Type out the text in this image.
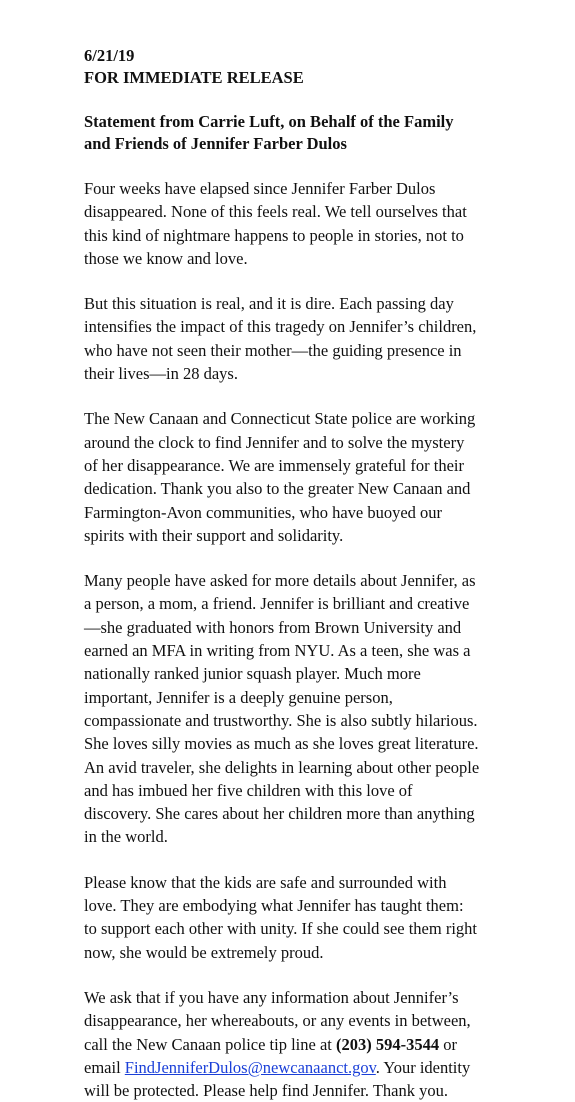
6/21/19

FOR IMMEDIATE RELEASE

Statement from Carrie Luft, on Behalf of the Family
and Friends of Jennifer Farber Dulos

Four weeks have elapsed since Jennifer Farber Dulos
disappeared. None of this feels real. We tell ourselves that
this kind of nightmare happens to people in stories, not to
those we know and love.

But this situation is real, and it is dire. Each passing day
intensifies the impact of this tragedy on Jennifer’s children,
who have not seen their mother—the guiding presence in
their lives—in 28 days.

The New Canaan and Connecticut State police are working
around the clock to find Jennifer and to solve the mystery
of her disappearance. We are immensely grateful for their
dedication. Thank you also to the greater New Canaan and
Farmington-Avon communities, who have buoyed our
spirits with their support and solidarity.

Many people have asked for more details about Jennifer, as
a person, a mom, a friend. Jennifer is brilliant and creative
—she graduated with honors from Brown University and
earned an MFA in writing from NYU. As a teen, she was a
nationally ranked junior squash player. Much more
important, Jennifer is a deeply genuine person,
compassionate and trustworthy. She is also subtly hilarious.
She loves silly movies as much as she loves great literature.
An avid traveler, she delights in learning about other people
and has imbued her five children with this love of
discovery. She cares about her children more than anything
in the world.

Please know that the kids are safe and surrounded with
love. They are embodying what Jennifer has taught them:
to support each other with unity. If she could see them right
now, she would be extremely proud.

We ask that if you have any information about Jennifer’s
disappearance, her whereabouts, or any events in between,
call the New Canaan police tip line at (203) 594-3544 or
email FindJenniferDulos@newcanaanct.gov. Your identity
will be protected. Please help find Jennifer. Thank you.
